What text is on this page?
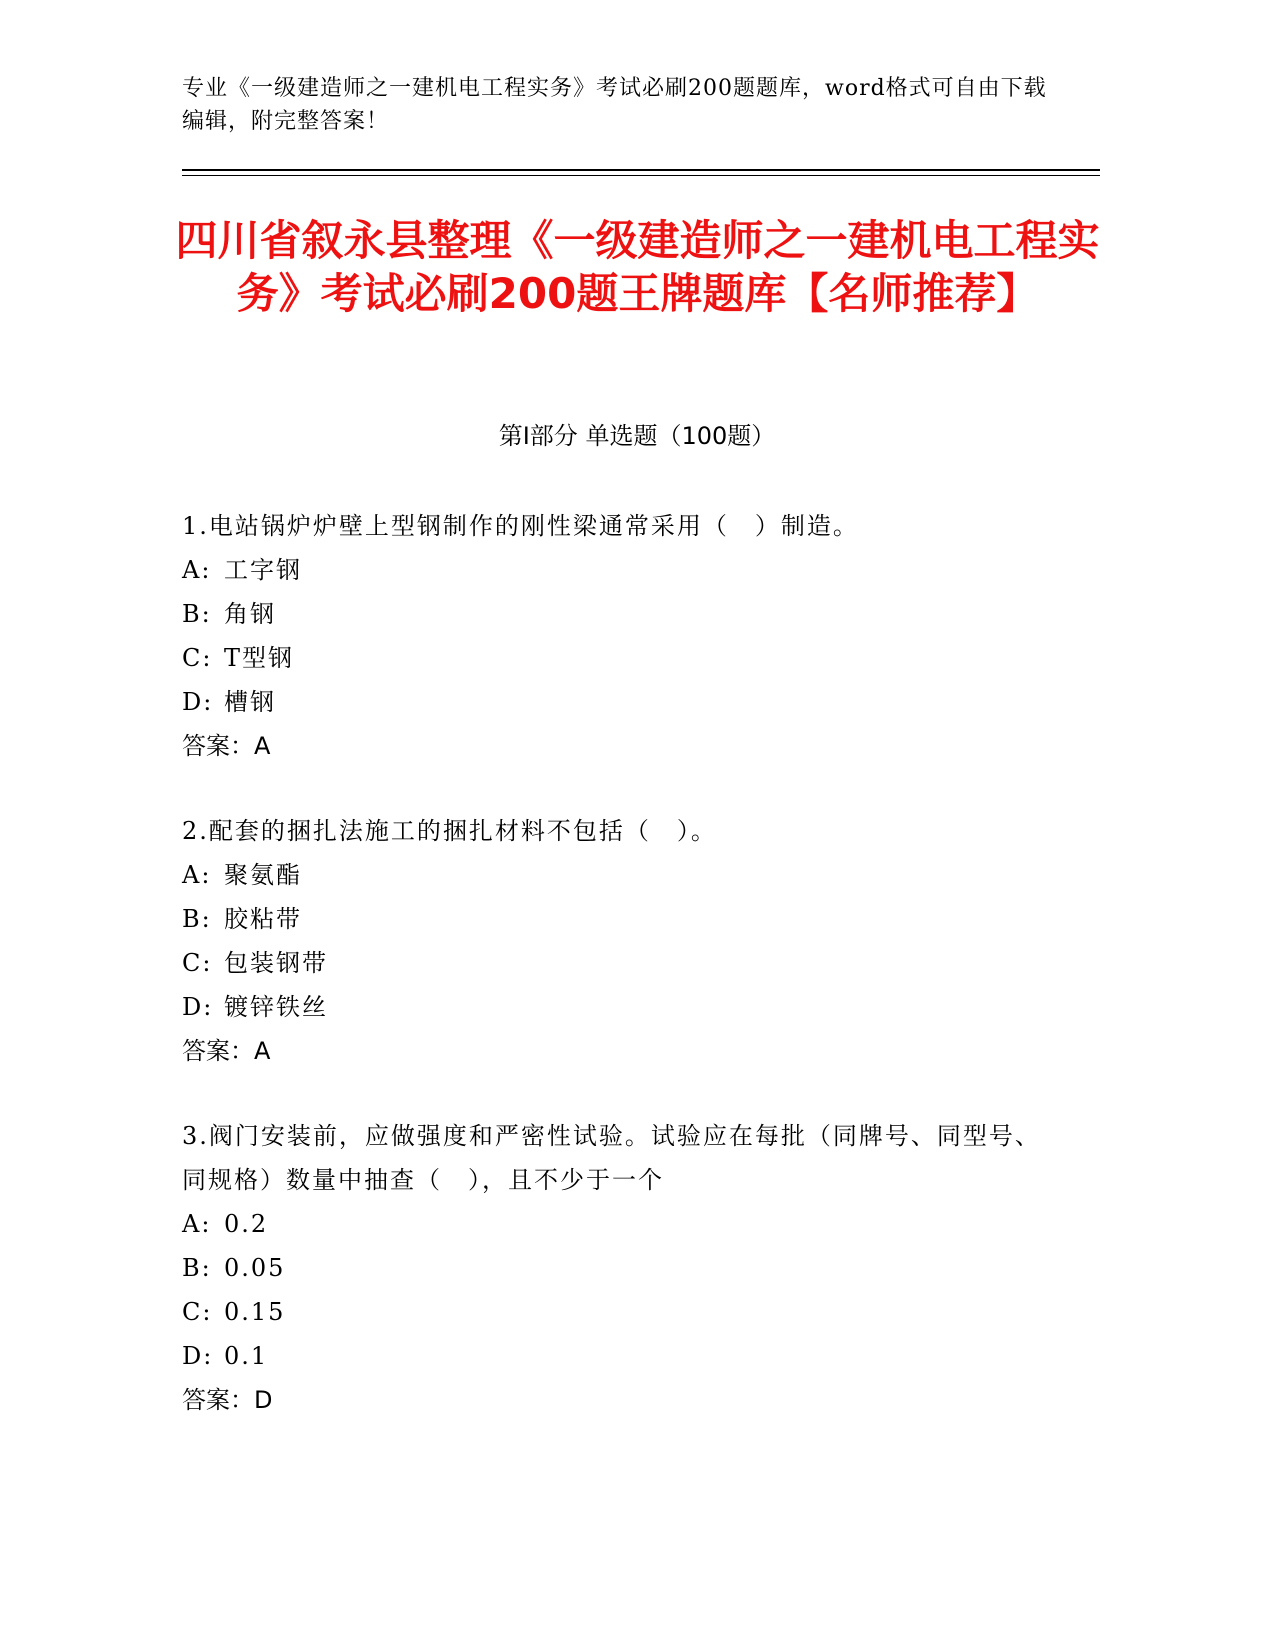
专业《一级建造师之一建机电工程实务》考试必刷200题题库，word格式可自由下载编辑，附完整答案！
四川省叙永县整理《一级建造师之一建机电工程实务》考试必刷200题王牌题库【名师推荐】
第I部分 单选题（100题）
1.电站锅炉炉壁上型钢制作的刚性梁通常采用（　）制造。
A: 工字钢
B: 角钢
C: T型钢
D: 槽钢
答案：A
2.配套的捆扎法施工的捆扎材料不包括（　）。
A: 聚氨酯
B: 胶粘带
C: 包装钢带
D: 镀锌铁丝
答案：A
3.阀门安装前，应做强度和严密性试验。试验应在每批（同牌号、同型号、同规格）数量中抽查（　），且不少于一个
A: 0.2
B: 0.05
C: 0.15
D: 0.1
答案：D
